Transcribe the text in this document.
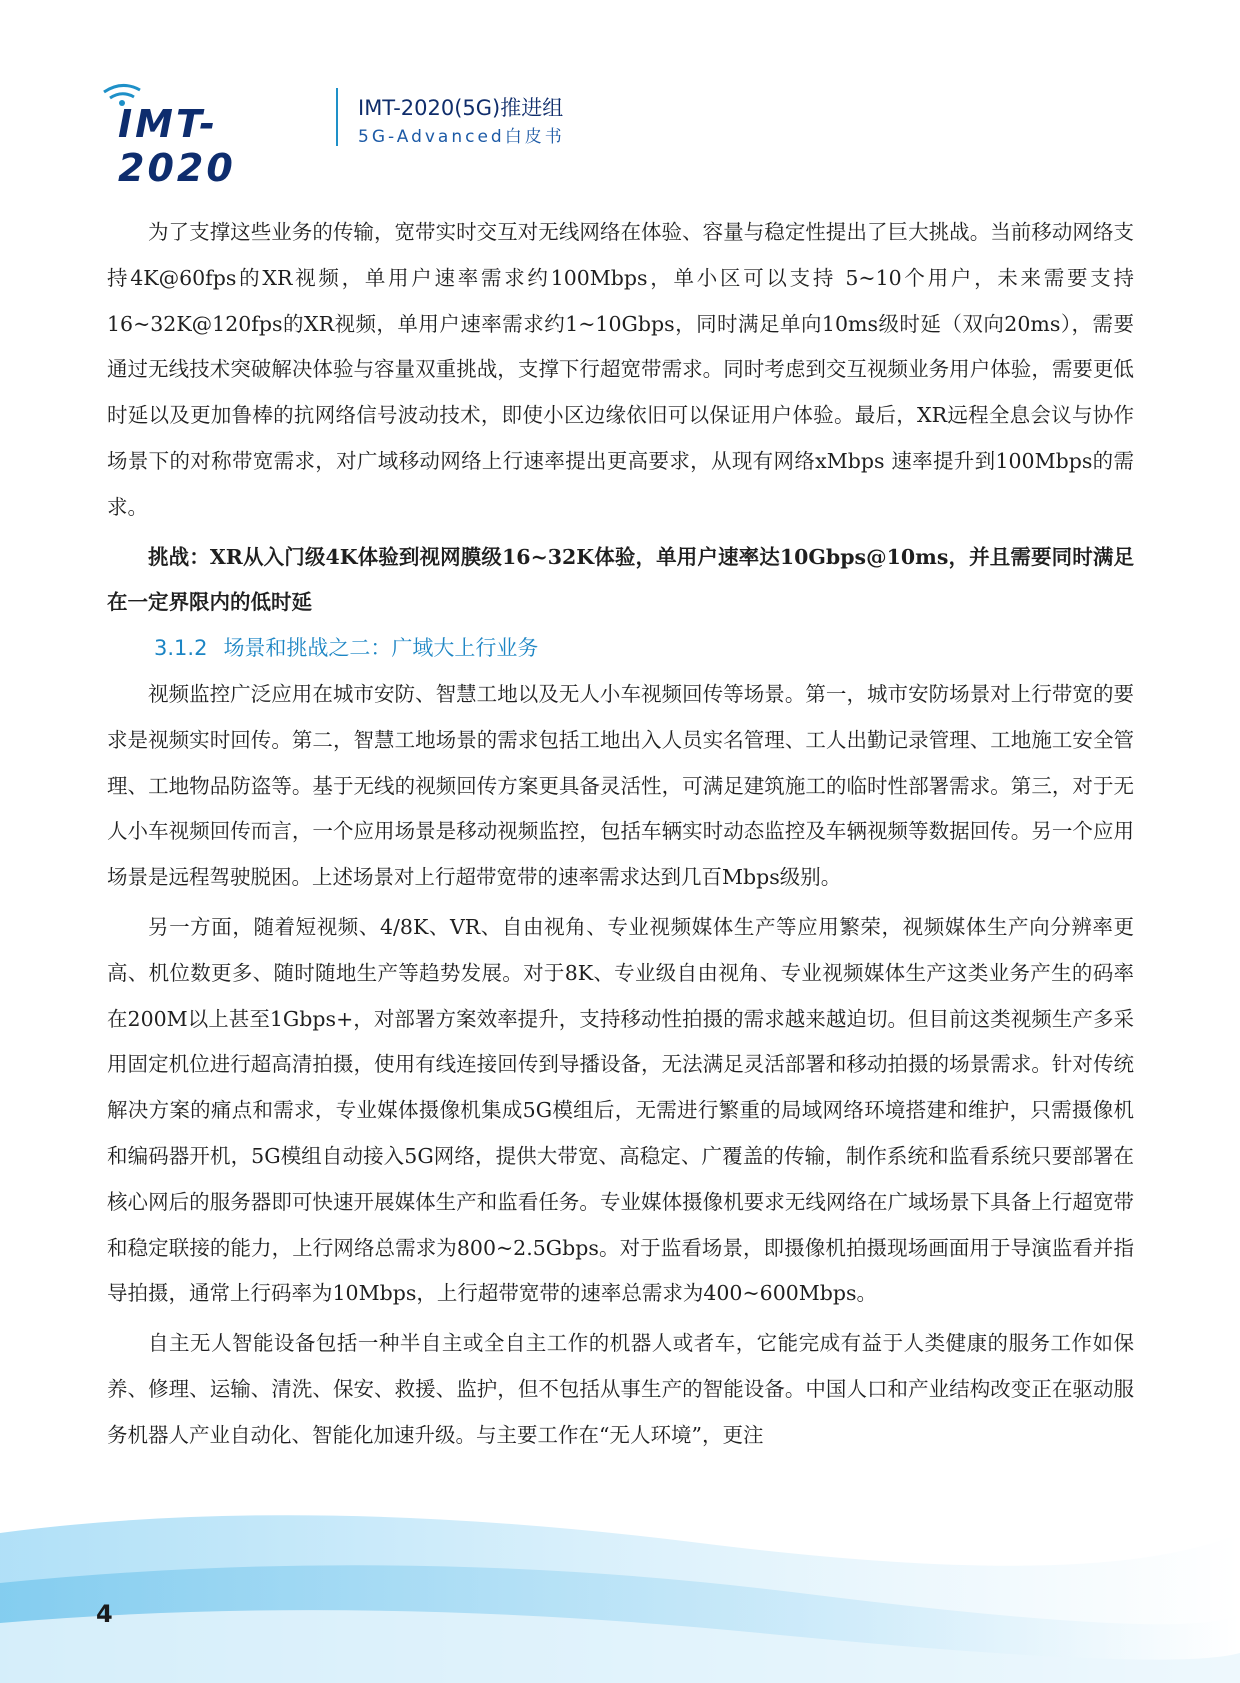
IMT-2020
IMT-2020(5G)推进组
5G-Advanced白皮书

为了支撑这些业务的传输，宽带实时交互对无线网络在体验、容量与稳定性提出了巨大挑战。当前移动网络支持4K@60fps的XR视频，单用户速率需求约100Mbps，单小区可以支持 5~10个用户，未来需要支持16~32K@120fps的XR视频，单用户速率需求约1~10Gbps，同时满足单向10ms级时延（双向20ms），需要通过无线技术突破解决体验与容量双重挑战，支撑下行超宽带需求。同时考虑到交互视频业务用户体验，需要更低时延以及更加鲁棒的抗网络信号波动技术，即使小区边缘依旧可以保证用户体验。最后，XR远程全息会议与协作场景下的对称带宽需求，对广域移动网络上行速率提出更高要求，从现有网络xMbps 速率提升到100Mbps的需求。

挑战：XR从入门级4K体验到视网膜级16~32K体验，单用户速率达10Gbps@10ms，并且需要同时满足在一定界限内的低时延

3.1.2 场景和挑战之二：广域大上行业务

视频监控广泛应用在城市安防、智慧工地以及无人小车视频回传等场景。第一，城市安防场景对上行带宽的要求是视频实时回传。第二，智慧工地场景的需求包括工地出入人员实名管理、工人出勤记录管理、工地施工安全管理、工地物品防盗等。基于无线的视频回传方案更具备灵活性，可满足建筑施工的临时性部署需求。第三，对于无人小车视频回传而言，一个应用场景是移动视频监控，包括车辆实时动态监控及车辆视频等数据回传。另一个应用场景是远程驾驶脱困。上述场景对上行超带宽带的速率需求达到几百Mbps级别。

另一方面，随着短视频、4/8K、VR、自由视角、专业视频媒体生产等应用繁荣，视频媒体生产向分辨率更高、机位数更多、随时随地生产等趋势发展。对于8K、专业级自由视角、专业视频媒体生产这类业务产生的码率在200M以上甚至1Gbps+，对部署方案效率提升，支持移动性拍摄的需求越来越迫切。但目前这类视频生产多采用固定机位进行超高清拍摄，使用有线连接回传到导播设备，无法满足灵活部署和移动拍摄的场景需求。针对传统解决方案的痛点和需求，专业媒体摄像机集成5G模组后，无需进行繁重的局域网络环境搭建和维护，只需摄像机和编码器开机，5G模组自动接入5G网络，提供大带宽、高稳定、广覆盖的传输，制作系统和监看系统只要部署在核心网后的服务器即可快速开展媒体生产和监看任务。专业媒体摄像机要求无线网络在广域场景下具备上行超宽带和稳定联接的能力，上行网络总需求为800~2.5Gbps。对于监看场景，即摄像机拍摄现场画面用于导演监看并指导拍摄，通常上行码率为10Mbps，上行超带宽带的速率总需求为400~600Mbps。

自主无人智能设备包括一种半自主或全自主工作的机器人或者车，它能完成有益于人类健康的服务工作如保养、修理、运输、清洗、保安、救援、监护，但不包括从事生产的智能设备。中国人口和产业结构改变正在驱动服务机器人产业自动化、智能化加速升级。与主要工作在“无人环境”，更注

4
